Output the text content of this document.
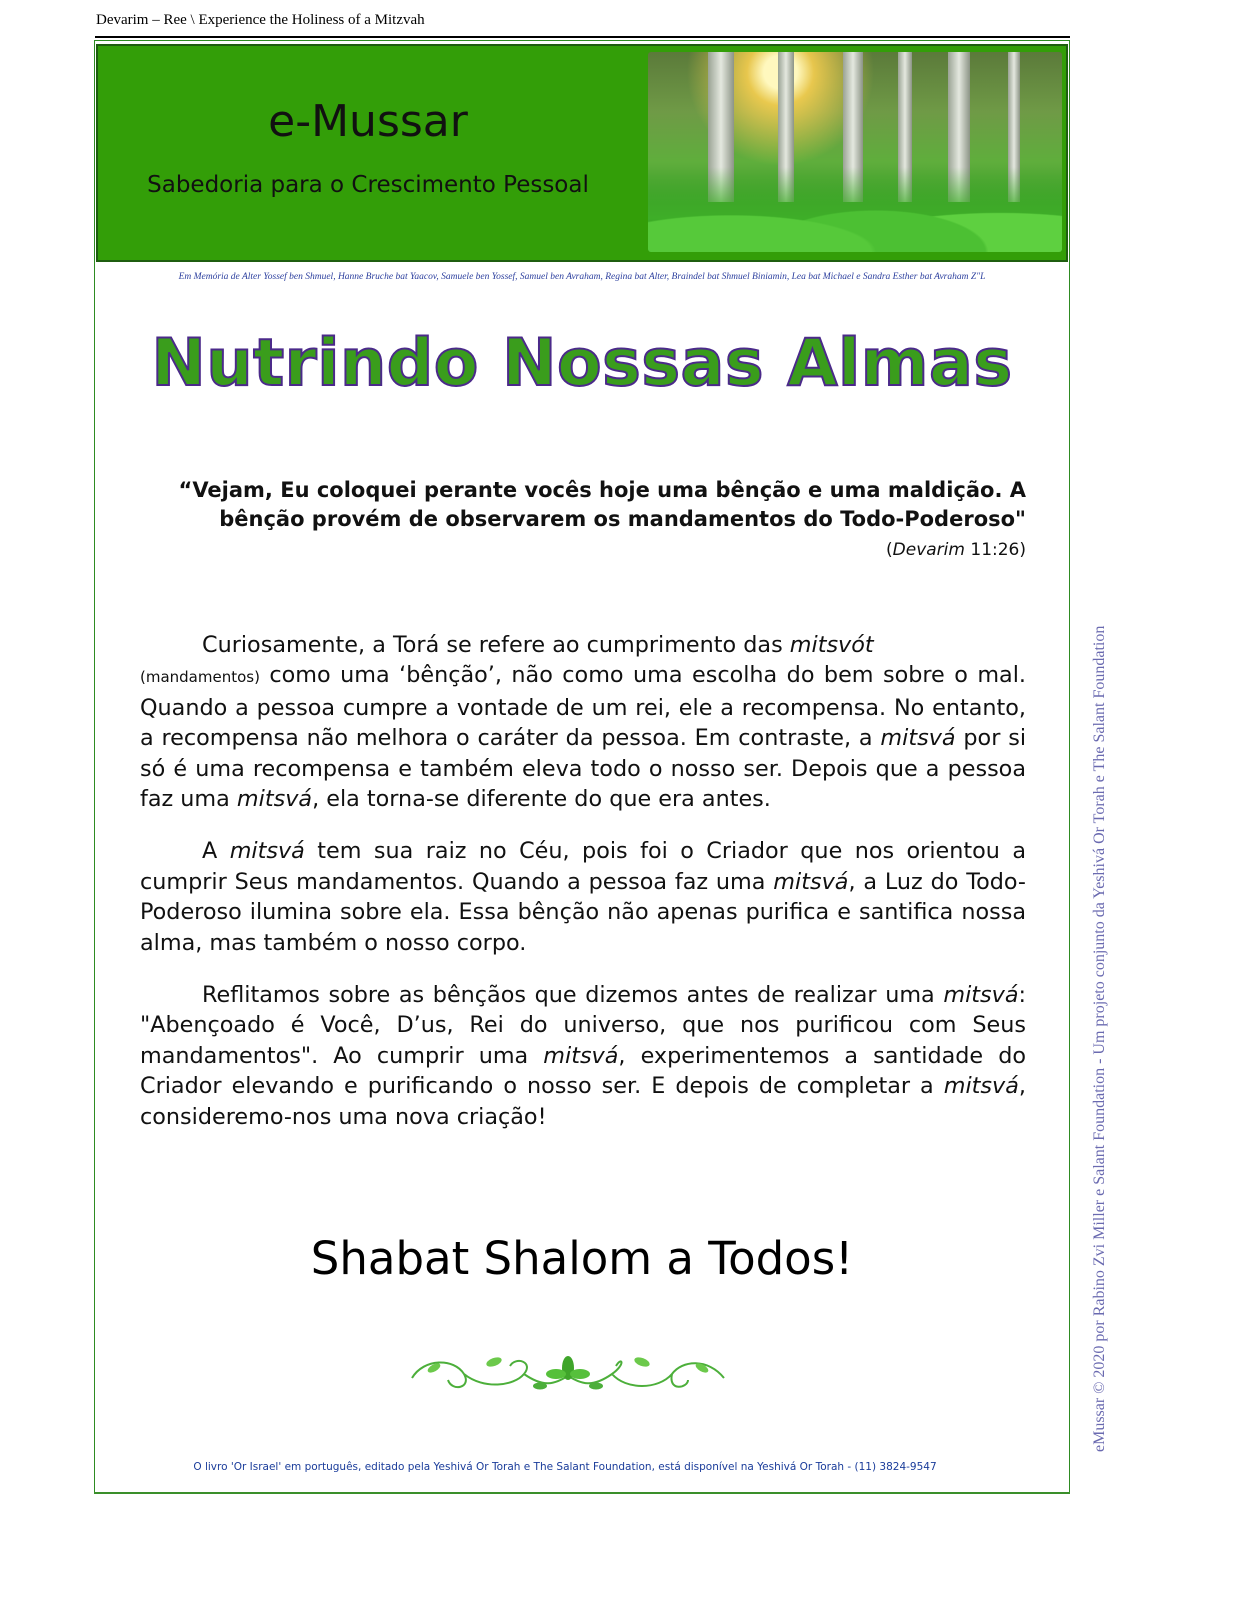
Devarim – Ree \ Experience the Holiness of a Mitzvah
e-Mussar
Sabedoria para o Crescimento Pessoal
Em Memória de Alter Yossef ben Shmuel, Hanne Bruche bat Yaacov, Samuele ben Yossef, Samuel ben Avraham, Regina bat Alter, Braindel bat Shmuel Biniamin, Lea bat Michael e Sandra Esther bat Avraham Z"L
Nutrindo Nossas Almas
“Vejam, Eu coloquei perante vocês hoje uma bênção e uma maldição. A
bênção provém de observarem os mandamentos do Todo-Poderoso"
(Devarim 11:26)

Curiosamente, a Torá se refere ao cumprimento das mitsvót
(mandamentos) como uma ‘bênção’, não como uma escolha do bem sobre o mal. Quando a pessoa cumpre a vontade de um rei, ele a recompensa. No entanto, a recompensa não melhora o caráter da pessoa. Em contraste, a mitsvá por si só é uma recompensa e também eleva todo o nosso ser. Depois que a pessoa faz uma mitsvá, ela torna-se diferente do que era antes.

A mitsvá tem sua raiz no Céu, pois foi o Criador que nos orientou a cumprir Seus mandamentos. Quando a pessoa faz uma mitsvá, a Luz do Todo-Poderoso ilumina sobre ela. Essa bênção não apenas purifica e santifica nossa alma, mas também o nosso corpo.

Reflitamos sobre as bênçãos que dizemos antes de realizar uma mitsvá: "Abençoado é Você, D’us, Rei do universo, que nos purificou com Seus mandamentos". Ao cumprir uma mitsvá, experimentemos a santidade do Criador elevando e purificando o nosso ser. E depois de completar a mitsvá, consideremo-nos uma nova criação!

Shabat Shalom a Todos!
O livro 'Or Israel' em português, editado pela Yeshivá Or Torah e The Salant Foundation, está disponível na Yeshivá Or Torah - (11) 3824-9547
eMussar © 2020 por Rabino Zvi Miller e Salant Foundation - Um projeto conjunto da Yeshivá Or Torah e The Salant Foundation
